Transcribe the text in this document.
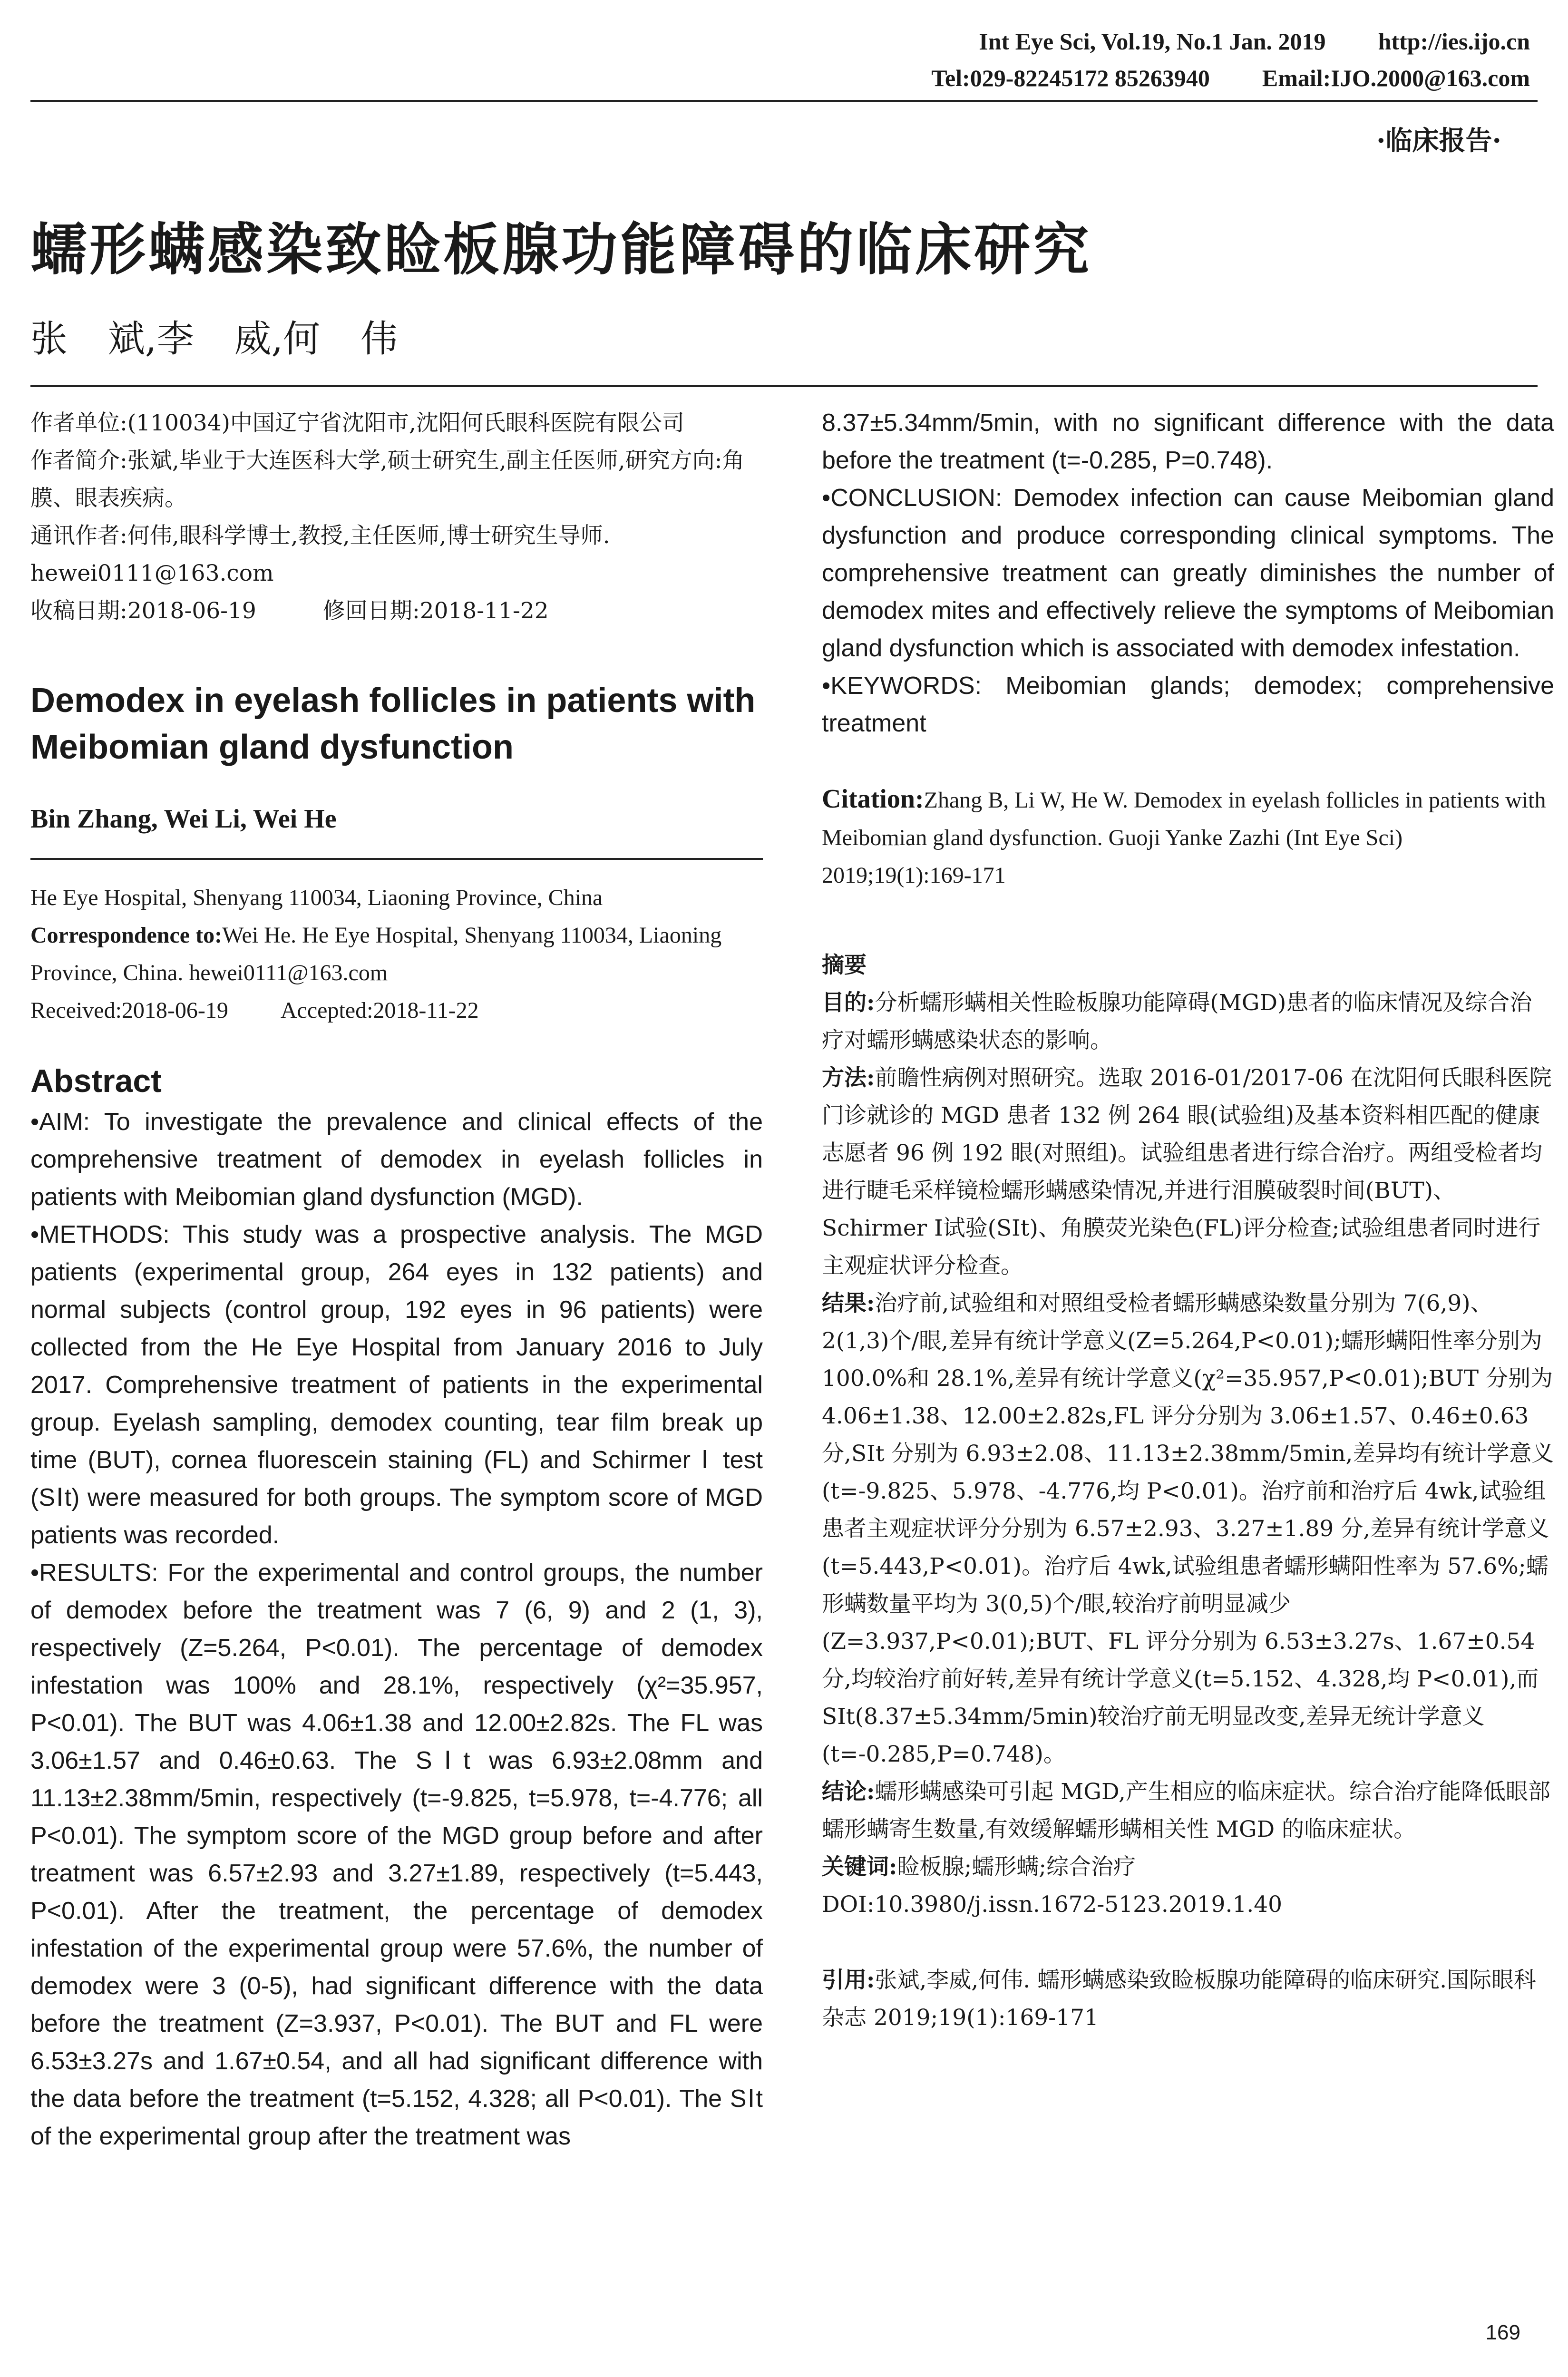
Int Eye Sci, Vol.19, No.1 Jan. 2019 http://ies.ijo.cn
Tel:029-82245172 85263940 Email:IJO.2000@163.com
·临床报告·
蠕形螨感染致睑板腺功能障碍的临床研究
张 斌,李 威,何 伟

作者单位:(110034)中国辽宁省沈阳市,沈阳何氏眼科医院有限公司

作者简介:张斌,毕业于大连医科大学,硕士研究生,副主任医师,研究方向:角膜、眼表疾病。

通讯作者:何伟,眼科学博士,教授,主任医师,博士研究生导师. hewei0111@163.com

收稿日期:2018-06-19	修回日期:2018-11-22

Demodex in eyelash follicles in patients with Meibomian gland dysfunction
Bin Zhang, Wei Li, Wei He

He Eye Hospital, Shenyang 110034, Liaoning Province, China

Correspondence to:Wei He. He Eye Hospital, Shenyang 110034, Liaoning Province, China. hewei0111@163.com

Received:2018-06-19 Accepted:2018-11-22

Abstract

• AIM: To investigate the prevalence and clinical effects of the comprehensive treatment of demodex in eyelash follicles in patients with Meibomian gland dysfunction (MGD).

• METHODS: This study was a prospective analysis. The MGD patients (experimental group, 264 eyes in 132 patients) and normal subjects (control group, 192 eyes in 96 patients) were collected from the He Eye Hospital from January 2016 to July 2017. Comprehensive treatment of patients in the experimental group. Eyelash sampling, demodex counting, tear film break up time (BUT), cornea fluorescein staining (FL) and Schirmer Ⅰ test (SⅠt) were measured for both groups. The symptom score of MGD patients was recorded.

• RESULTS: For the experimental and control groups, the number of demodex before the treatment was 7 (6, 9) and 2 (1, 3), respectively (Z=5.264, P<0.01). The percentage of demodex infestation was 100% and 28.1%, respectively (χ²=35.957, P<0.01). The BUT was 4.06±1.38 and 12.00±2.82s. The FL was 3.06±1.57 and 0.46±0.63. The SⅠt was 6.93±2.08mm and 11.13±2.38mm/5min, respectively (t=-9.825, t=5.978, t=-4.776; all P<0.01). The symptom score of the MGD group before and after treatment was 6.57±2.93 and 3.27±1.89, respectively (t=5.443, P<0.01). After the treatment, the percentage of demodex infestation of the experimental group were 57.6%, the number of demodex were 3 (0-5), had significant difference with the data before the treatment (Z=3.937, P<0.01). The BUT and FL were 6.53±3.27s and 1.67±0.54, and all had significant difference with the data before the treatment (t=5.152, 4.328; all P<0.01). The SⅠt of the experimental group after the treatment was

8.37±5.34mm/5min, with no significant difference with the data before the treatment (t=-0.285, P=0.748).

• CONCLUSION: Demodex infection can cause Meibomian gland dysfunction and produce corresponding clinical symptoms. The comprehensive treatment can greatly diminishes the number of demodex mites and effectively relieve the symptoms of Meibomian gland dysfunction which is associated with demodex infestation.

• KEYWORDS: Meibomian glands; demodex; comprehensive treatment

Citation:Zhang B, Li W, He W. Demodex in eyelash follicles in patients with Meibomian gland dysfunction. Guoji Yanke Zazhi (Int Eye Sci) 2019;19(1):169-171

摘要

目的:分析蠕形螨相关性睑板腺功能障碍(MGD)患者的临床情况及综合治疗对蠕形螨感染状态的影响。

方法:前瞻性病例对照研究。选取 2016-01/2017-06 在沈阳何氏眼科医院门诊就诊的 MGD 患者 132 例 264 眼(试验组)及基本资料相匹配的健康志愿者 96 例 192 眼(对照组)。试验组患者进行综合治疗。两组受检者均进行睫毛采样镜检蠕形螨感染情况,并进行泪膜破裂时间(BUT)、Schirmer Ⅰ试验(SⅠt)、角膜荧光染色(FL)评分检查;试验组患者同时进行主观症状评分检查。

结果:治疗前,试验组和对照组受检者蠕形螨感染数量分别为 7(6,9)、2(1,3)个/眼,差异有统计学意义(Z=5.264,P<0.01);蠕形螨阳性率分别为 100.0%和 28.1%,差异有统计学意义(χ²=35.957,P<0.01);BUT 分别为 4.06±1.38、12.00±2.82s,FL 评分分别为 3.06±1.57、0.46±0.63 分,SⅠt 分别为 6.93±2.08、11.13±2.38mm/5min,差异均有统计学意义(t=-9.825、5.978、-4.776,均 P<0.01)。治疗前和治疗后 4wk,试验组患者主观症状评分分别为 6.57±2.93、3.27±1.89 分,差异有统计学意义(t=5.443,P<0.01)。治疗后 4wk,试验组患者蠕形螨阳性率为 57.6%;蠕形螨数量平均为 3(0,5)个/眼,较治疗前明显减少(Z=3.937,P<0.01);BUT、FL 评分分别为 6.53±3.27s、1.67±0.54 分,均较治疗前好转,差异有统计学意义(t=5.152、4.328,均 P<0.01),而 SⅠt(8.37±5.34mm/5min)较治疗前无明显改变,差异无统计学意义(t=-0.285,P=0.748)。

结论:蠕形螨感染可引起 MGD,产生相应的临床症状。综合治疗能降低眼部蠕形螨寄生数量,有效缓解蠕形螨相关性 MGD 的临床症状。

关键词:睑板腺;蠕形螨;综合治疗

DOI:10.3980/j.issn.1672-5123.2019.1.40

引用:张斌,李威,何伟. 蠕形螨感染致睑板腺功能障碍的临床研究.国际眼科杂志 2019;19(1):169-171
169
